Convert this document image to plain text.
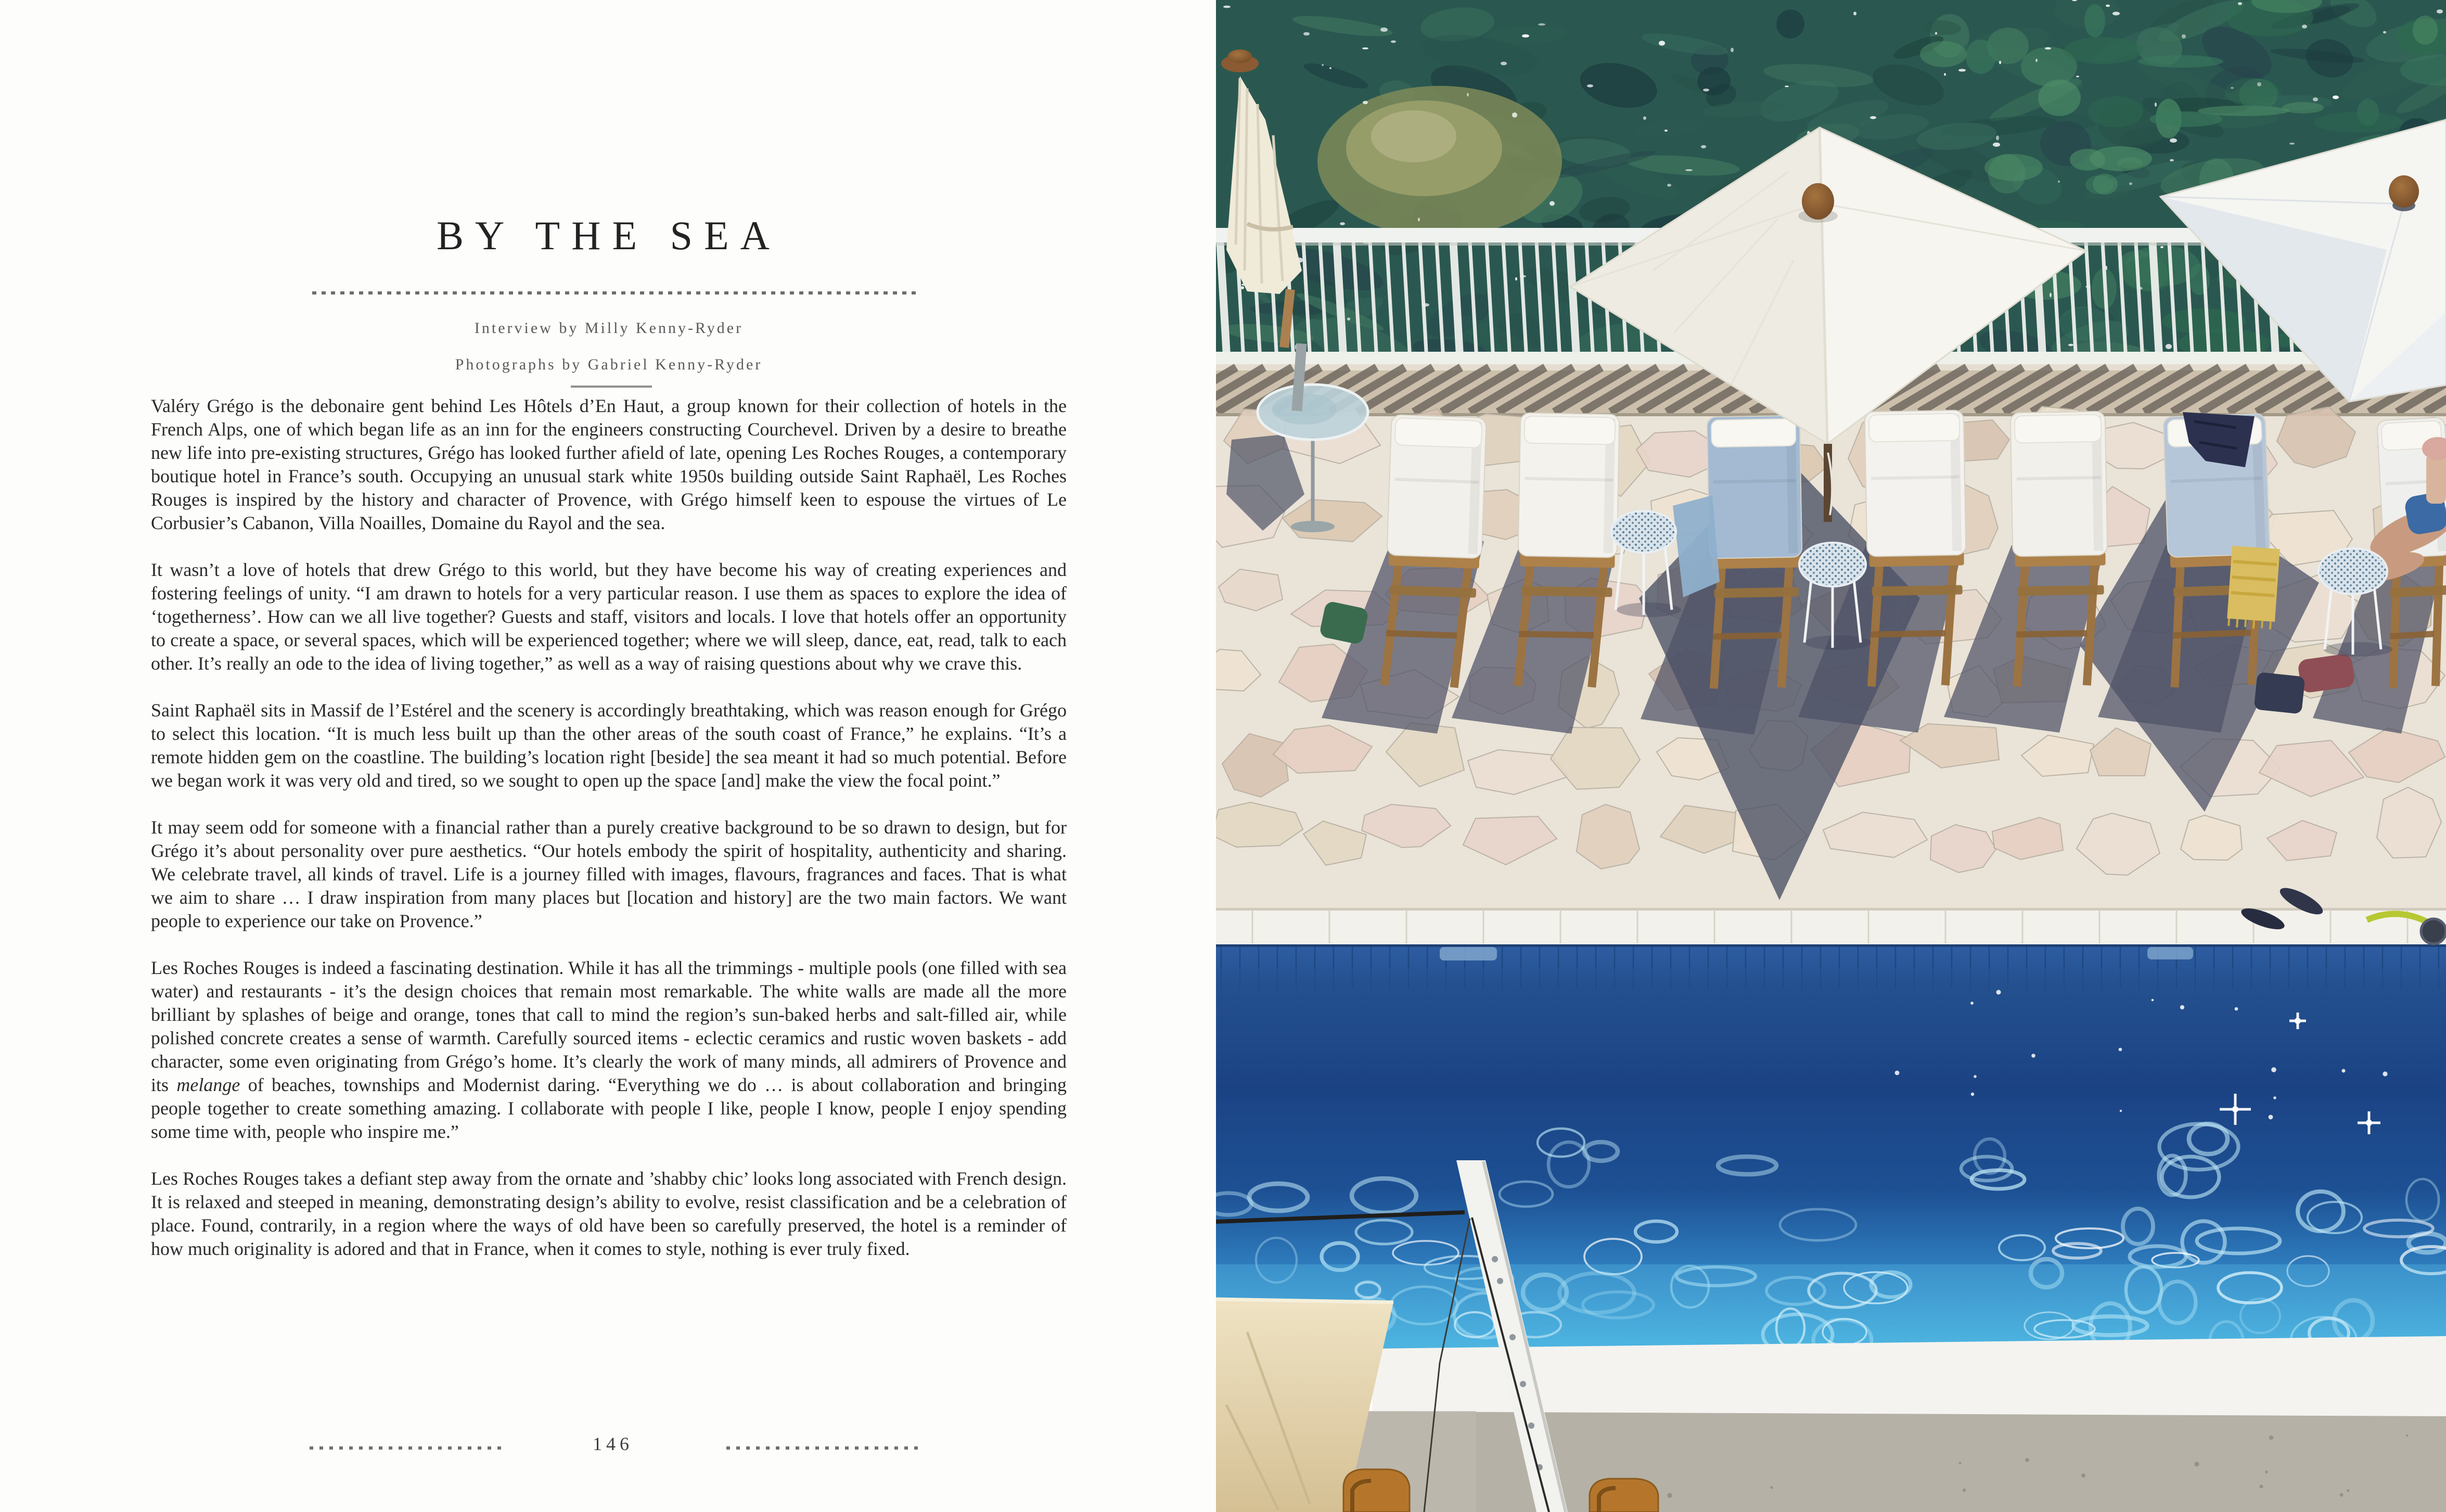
BY THE SEA

Interview by Milly Kenny-Ryder

Photographs by Gabriel Kenny-Ryder

Valéry Grégo is the debonaire gent behind Les Hôtels d’En Haut, a group known for their collection of hotels in the French Alps, one of which began life as an inn for the engineers constructing Courchevel. Driven by a desire to breathe new life into pre-existing structures, Grégo has looked further afield of late, opening Les Roches Rouges, a contemporary boutique hotel in France’s south. Occupying an unusual stark white 1950s building outside Saint Raphaël, Les Roches Rouges is inspired by the history and character of Provence, with Grégo himself keen to espouse the virtues of Le Corbusier’s Cabanon, Villa Noailles, Domaine du Rayol and the sea.

It wasn’t a love of hotels that drew Grégo to this world, but they have become his way of creating experiences and fostering feelings of unity. “I am drawn to hotels for a very particular reason. I use them as spaces to explore the idea of ‘togetherness’. How can we all live together? Guests and staff, visitors and locals. I love that hotels offer an opportunity to create a space, or several spaces, which will be experienced together; where we will sleep, dance, eat, read, talk to each other. It’s really an ode to the idea of living together,” as well as a way of raising questions about why we crave this.

Saint Raphaël sits in Massif de l’Estérel and the scenery is accordingly breathtaking, which was reason enough for Grégo to select this location. “It is much less built up than the other areas of the south coast of France,” he explains. “It’s a remote hidden gem on the coastline. The building’s location right [beside] the sea meant it had so much potential. Before we began work it was very old and tired, so we sought to open up the space [and] make the view the focal point.”

It may seem odd for someone with a financial rather than a purely creative background to be so drawn to design, but for Grégo it’s about personality over pure aesthetics. “Our hotels embody the spirit of hospitality, authenticity and sharing. We celebrate travel, all kinds of travel. Life is a journey filled with images, flavours, fragrances and faces. That is what we aim to share … I draw inspiration from many places but [location and history] are the two main factors. We want people to experience our take on Provence.”

Les Roches Rouges is indeed a fascinating destination. While it has all the trimmings - multiple pools (one filled with sea water) and restaurants - it’s the design choices that remain most remarkable. The white walls are made all the more brilliant by splashes of beige and orange, tones that call to mind the region’s sun-baked herbs and salt-filled air, while polished concrete creates a sense of warmth. Carefully sourced items - eclectic ceramics and rustic woven baskets - add character, some even originating from Grégo’s home. It’s clearly the work of many minds, all admirers of Provence and its melange of beaches, townships and Modernist daring. “Everything we do … is about collaboration and bringing people together to create something amazing. I collaborate with people I like, people I know, people I enjoy spending some time with, people who inspire me.”

Les Roches Rouges takes a defiant step away from the ornate and ’shabby chic’ looks long associated with French design. It is relaxed and steeped in meaning, demonstrating design’s ability to evolve, resist classification and be a celebration of place. Found, contrarily, in a region where the ways of old have been so carefully preserved, the hotel is a reminder of how much originality is adored and that in France, when it comes to style, nothing is ever truly fixed.

146
